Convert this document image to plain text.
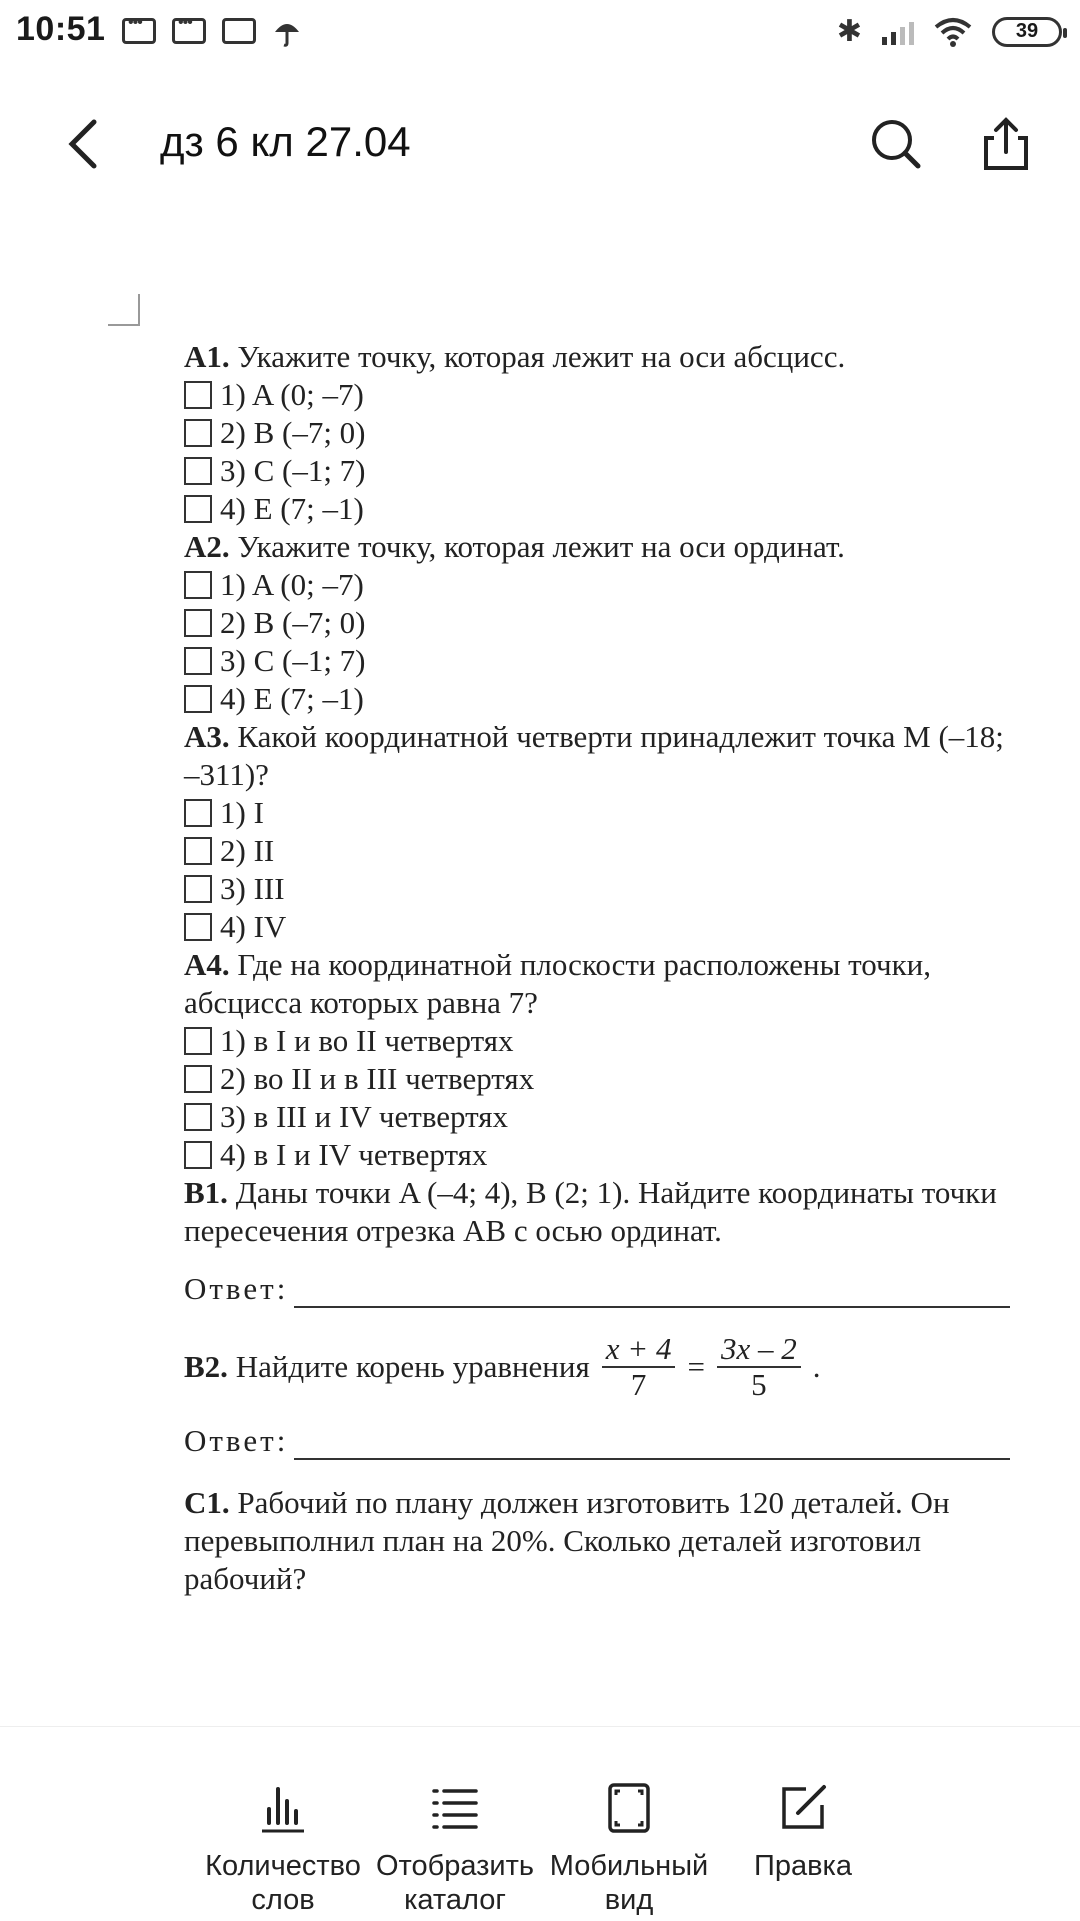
10:51 ••• •••	✱	39
дз 6 кл 27.04

A1. Укажите точку, которая лежит на оси абсцисс.

1) A (0; –7)
2) B (–7; 0)
3) C (–1; 7)
4) E (7; –1)

A2. Укажите точку, которая лежит на оси ординат.

1) A (0; –7)
2) B (–7; 0)
3) C (–1; 7)
4) E (7; –1)

A3. Какой координатной четверти принадлежит точка M (–18; –311)?

1) I
2) II
3) III
4) IV

A4. Где на координатной плоскости расположены точки, абсцисса которых равна 7?

1) в I и во II четвертях
2) во II и в III четвертях
3) в III и IV четвертях
4) в I и IV четвертях

B1. Даны точки A (–4; 4), B (2; 1). Найдите координаты точки пересечения отрезка AB с осью ординат.

Ответ:
B2.
Найдите корень уравнения $\frac{x + 4}{7} = \frac{3x - 2}{5}$ .
Ответ:

C1. Рабочий по плану должен изготовить 120 деталей. Он перевыполнил план на 20%. Сколько деталей изготовил рабочий?

Количество
слов
Отобразить
каталог
Мобильный
вид
Правка
